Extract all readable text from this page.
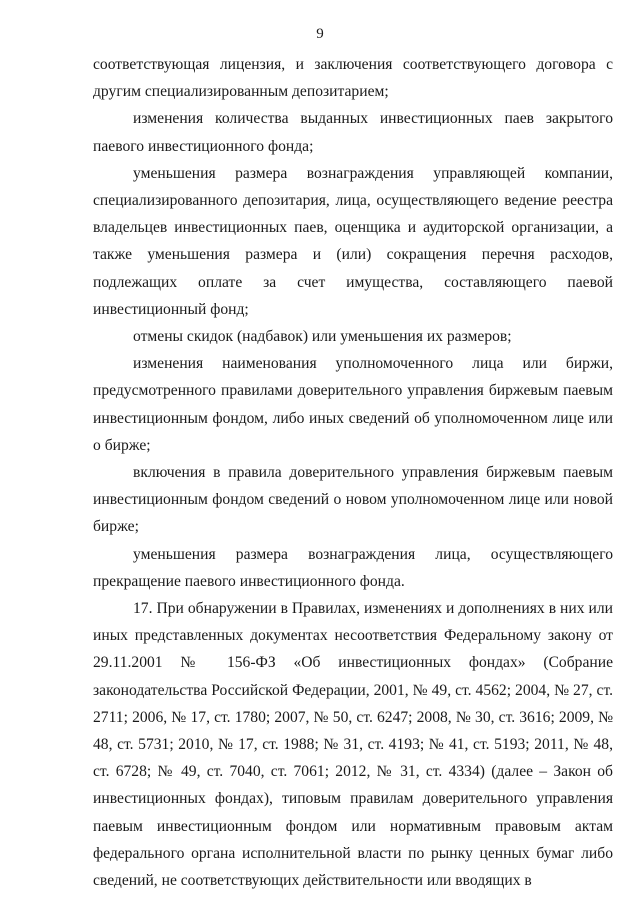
9

соответствующая лицензия, и заключения соответствующего договора с другим специализированным депозитарием;

изменения количества выданных инвестиционных паев закрытого паевого инвестиционного фонда;

уменьшения размера вознаграждения управляющей компании, специализированного депозитария, лица, осуществляющего ведение реестра владельцев инвестиционных паев, оценщика и аудиторской организации, а также уменьшения размера и (или) сокращения перечня расходов, подлежащих оплате за счет имущества, составляющего паевой инвестиционный фонд;

отмены скидок (надбавок) или уменьшения их размеров;

изменения наименования уполномоченного лица или биржи, предусмотренного правилами доверительного управления биржевым паевым инвестиционным фондом, либо иных сведений об уполномоченном лице или о бирже;

включения в правила доверительного управления биржевым паевым инвестиционным фондом сведений о новом уполномоченном лице или новой бирже;

уменьшения размера вознаграждения лица, осуществляющего прекращение паевого инвестиционного фонда.

17. При обнаружении в Правилах, изменениях и дополнениях в них или иных представленных документах несоответствия Федеральному закону от 29.11.2001 № 156-ФЗ «Об инвестиционных фондах» (Собрание законодательства Российской Федерации, 2001, № 49, ст. 4562; 2004, № 27, ст. 2711; 2006, № 17, ст. 1780; 2007, № 50, ст. 6247; 2008, № 30, ст. 3616; 2009, № 48, ст. 5731; 2010, № 17, ст. 1988; № 31, ст. 4193; № 41, ст. 5193; 2011, № 48, ст. 6728; № 49, ст. 7040, ст. 7061; 2012, № 31, ст. 4334) (далее – Закон об инвестиционных фондах), типовым правилам доверительного управления паевым инвестиционным фондом или нормативным правовым актам федерального органа исполнительной власти по рынку ценных бумаг либо сведений, не соответствующих действительности или вводящих в
